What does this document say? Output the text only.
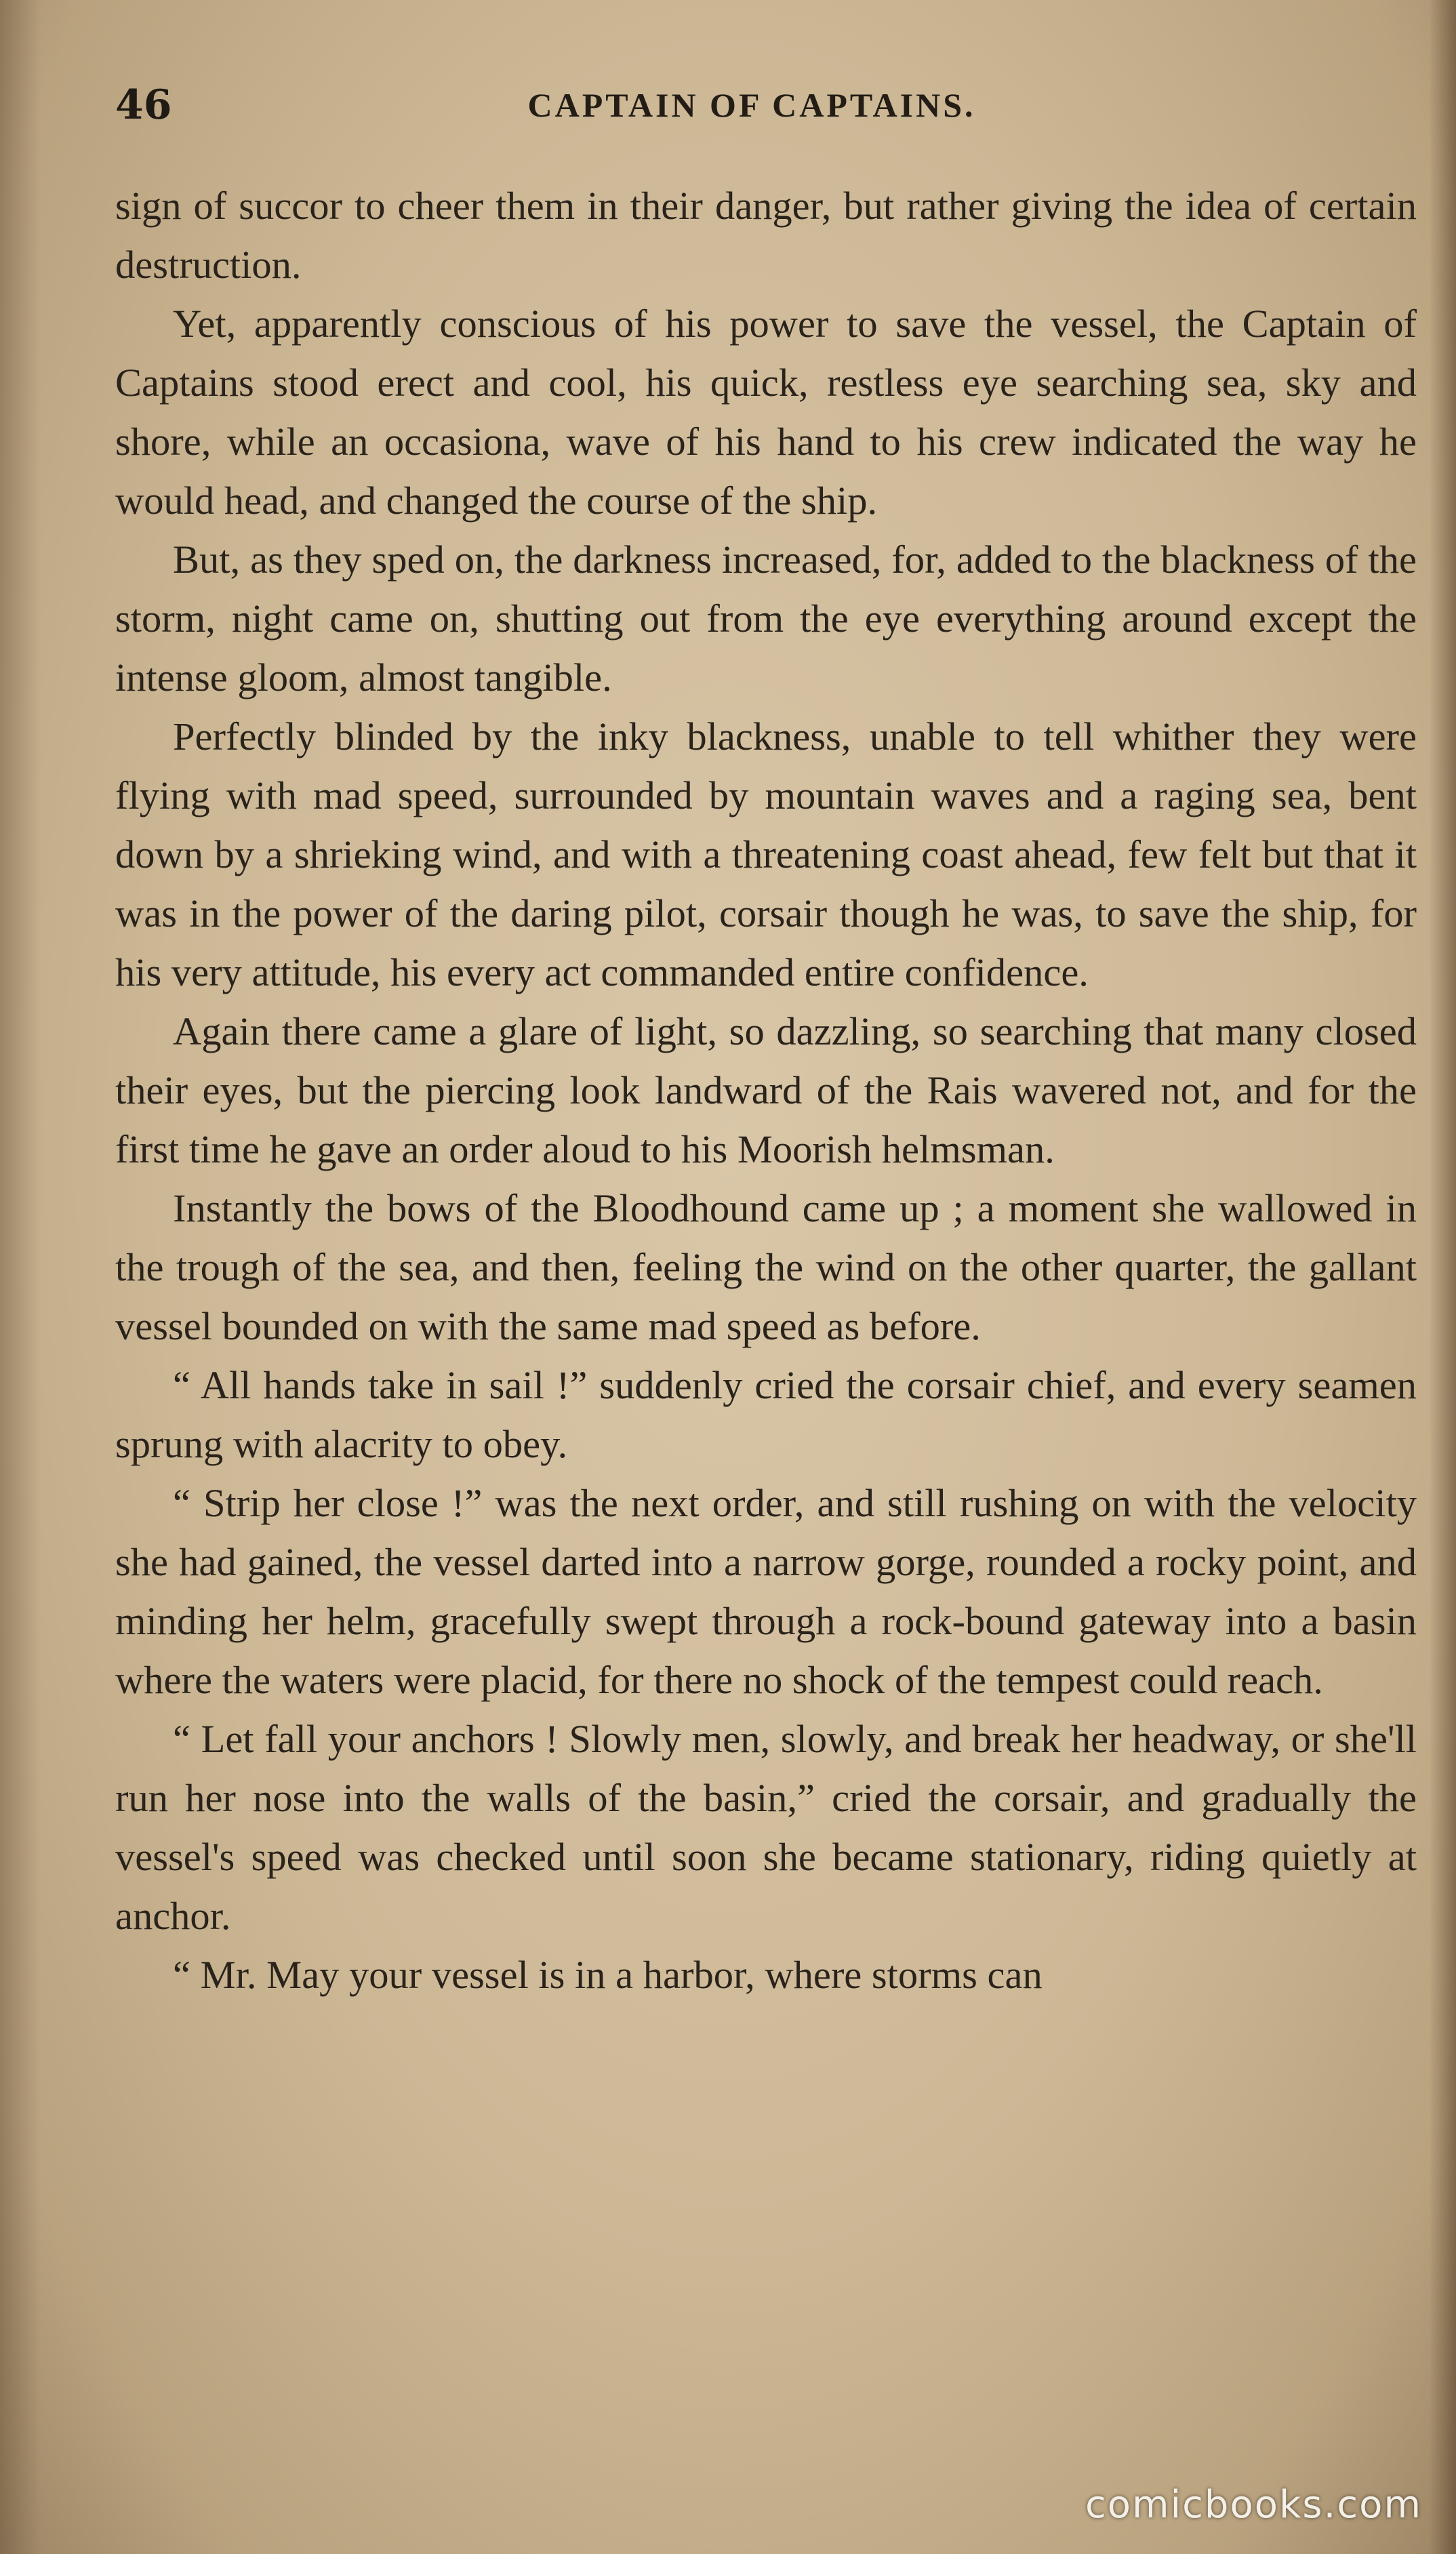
46	CAPTAIN OF CAPTAINS.

sign of succor to cheer them in their danger, but rather giving the idea of certain destruction.

Yet, apparently conscious of his power to save the vessel, the Captain of Captains stood erect and cool, his quick, restless eye searching sea, sky and shore, while an occasiona, wave of his hand to his crew indicated the way he would head, and changed the course of the ship.

But, as they sped on, the darkness increased, for, added to the blackness of the storm, night came on, shutting out from the eye everything around except the intense gloom, almost tangible.

Perfectly blinded by the inky blackness, unable to tell whither they were flying with mad speed, surrounded by mountain waves and a raging sea, bent down by a shrieking wind, and with a threatening coast ahead, few felt but that it was in the power of the daring pilot, corsair though he was, to save the ship, for his very attitude, his every act commanded entire confidence.

Again there came a glare of light, so dazzling, so searching that many closed their eyes, but the piercing look landward of the Rais wavered not, and for the first time he gave an order aloud to his Moorish helmsman.

Instantly the bows of the Bloodhound came up ; a moment she wallowed in the trough of the sea, and then, feeling the wind on the other quarter, the gallant vessel bounded on with the same mad speed as before.

“ All hands take in sail !” suddenly cried the corsair chief, and every seamen sprung with alacrity to obey.

“ Strip her close !” was the next order, and still rushing on with the velocity she had gained, the vessel darted into a narrow gorge, rounded a rocky point, and minding her helm, gracefully swept through a rock-bound gateway into a basin where the waters were placid, for there no shock of the tempest could reach.

“ Let fall your anchors ! Slowly men, slowly, and break her headway, or she'll run her nose into the walls of the basin,” cried the corsair, and gradually the vessel's speed was checked until soon she became stationary, riding quietly at anchor.

“ Mr. May your vessel is in a harbor, where storms can

comicbooks.com
